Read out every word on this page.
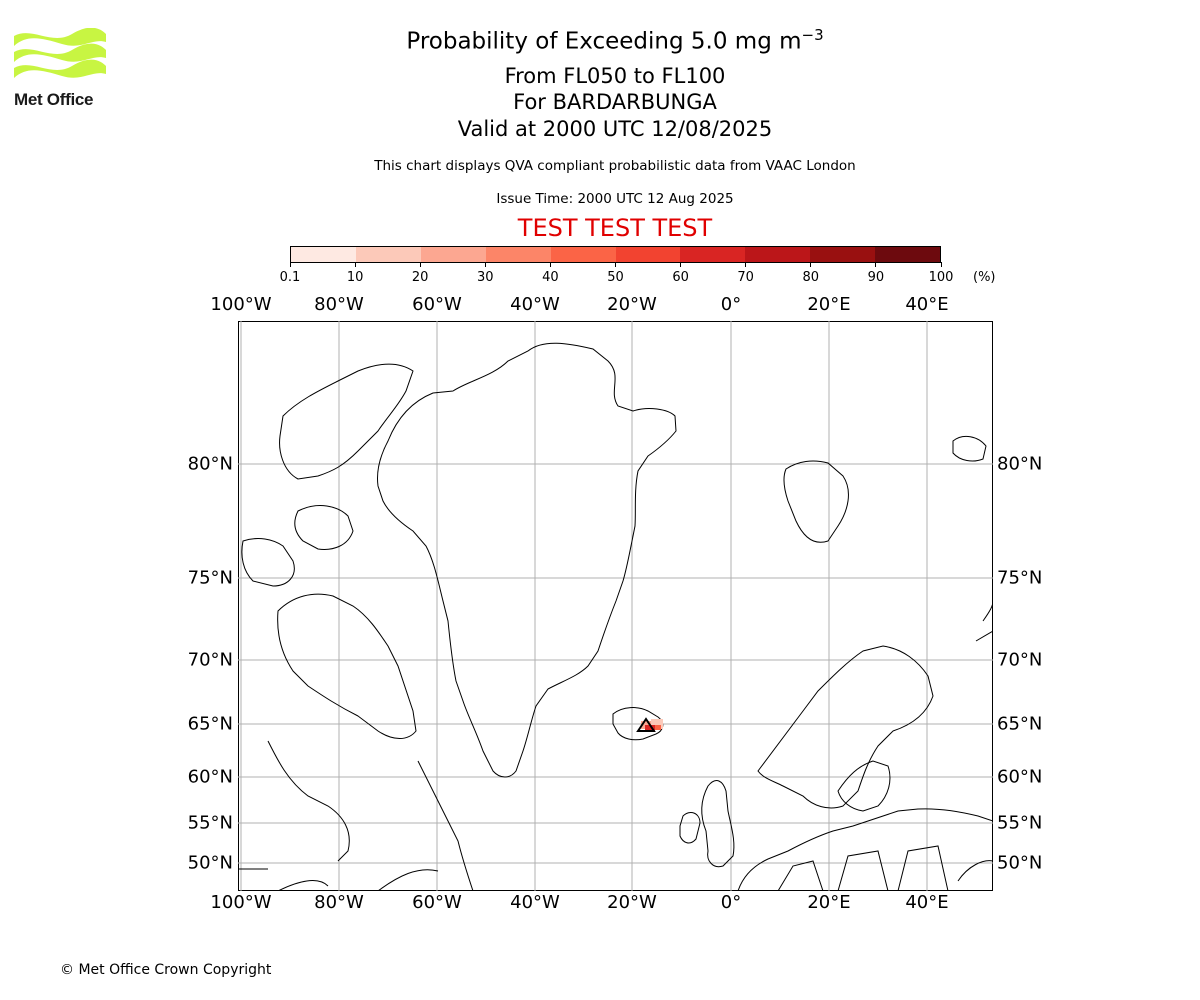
Met Office
Probability of Exceeding 5.0 mg $m^{-3}$
From FL050 to FL100
For BARDARBUNGA
Valid at 2000 UTC 12/08/2025
This chart displays QVA compliant probabilistic data from VAAC London
Issue Time: 2000 UTC 12 Aug 2025
TEST TEST TEST
0.1	10	20	30	40	50	60	70	80	90	100 (%)
100°W 80°W	60°W	40°W	20°W	0°	20°E	40°E
100°W 80°W	60°W	40°W	20°W	0°	20°E	40°E
80°N
75°N
70°N
65°N
60°N
55°N
50°N
80°N
75°N
70°N
65°N
60°N
55°N
50°N
© Met Office Crown Copyright
